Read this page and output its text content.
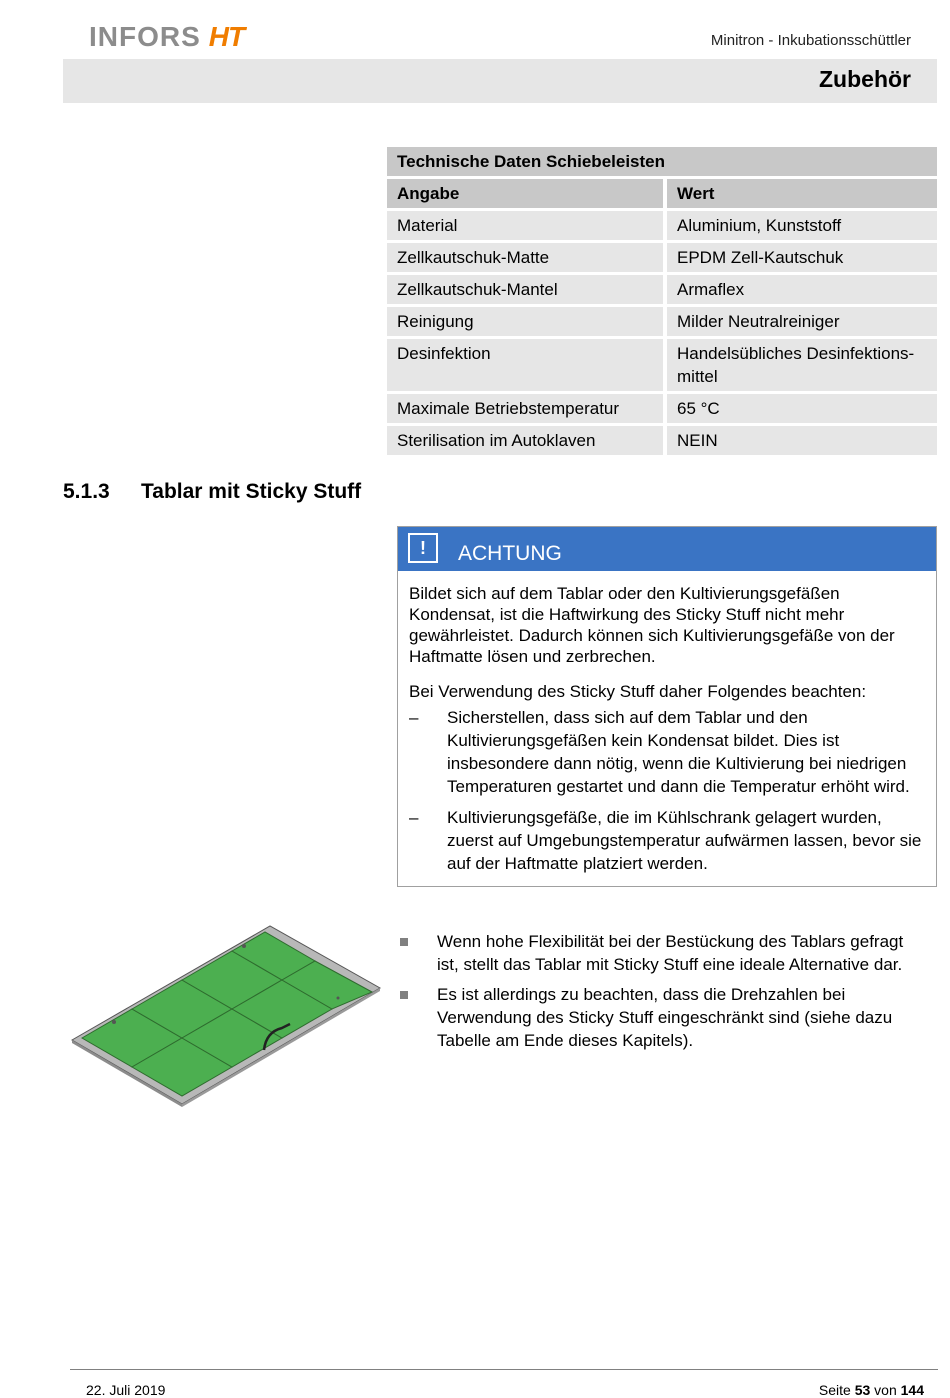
INFORS HT	Minitron - Inkubationsschüttler
Zubehör
Technische Daten Schiebeleisten	
Angabe	Wert
Material	Aluminium, Kunststoff
Zellkautschuk-Matte	EPDM Zell-Kautschuk
Zellkautschuk-Mantel	Armaflex
Reinigung	Milder Neutralreiniger
Desinfektion	Handelsübliches Desinfektions-mittel

Maximale Betriebstemperatur	65 °C
Sterilisation im Autoklaven	NEIN
5.1.3 Tablar mit Sticky Stuff
!	ACHTUNG

Bildet sich auf dem Tablar oder den Kultivierungsgefäßen Kondensat, ist die Haftwirkung des Sticky Stuff nicht mehr gewährleistet. Dadurch können sich Kultivierungsgefäße von der Haftmatte lösen und zerbrechen.

Bei Verwendung des Sticky Stuff daher Folgendes beachten:

– Sicherstellen, dass sich auf dem Tablar und den Kultivierungsgefäßen kein Kondensat bildet. Dies ist insbesondere dann nötig, wenn die Kultivierung bei niedrigen Temperaturen gestartet und dann die Temperatur erhöht wird.
– Kultivierungsgefäße, die im Kühlschrank gelagert wurden, zuerst auf Umgebungstemperatur aufwärmen lassen, bevor sie auf der Haftmatte platziert werden.
Wenn hohe Flexibilität bei der Bestückung des Tablars gefragt ist, stellt das Tablar mit Sticky Stuff eine ideale Alternative dar.
Es ist allerdings zu beachten, dass die Drehzahlen bei Verwendung des Sticky Stuff eingeschränkt sind (siehe dazu Tabelle am Ende dieses Kapitels).
22. Juli 2019	Seite 53 von 144
